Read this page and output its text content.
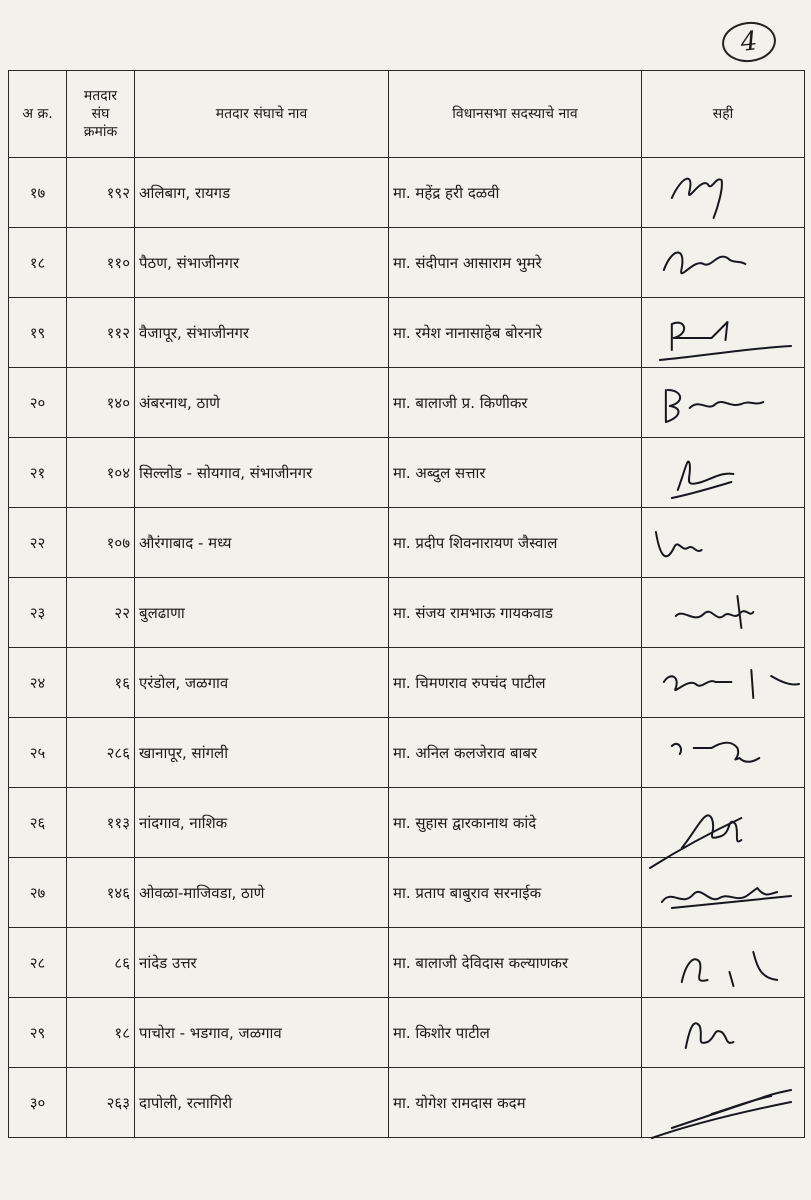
4
अ क्र.	मतदार
संघ
क्रमांक	मतदार संघाचे नाव	विधानसभा सदस्याचे नाव	सही
१७	१९२	अलिबाग, रायगड	मा. महेंद्र हरी दळवी	

१८	११०	पैठण, संभाजीनगर	मा. संदीपान आसाराम भुमरे	

१९	११२	वैजापूर, संभाजीनगर	मा. रमेश नानासाहेब बोरनारे	

२०	१४०	अंबरनाथ, ठाणे	मा. बालाजी प्र. किणीकर	

२१	१०४	सिल्लोड - सोयगाव, संभाजीनगर	मा. अब्दुल सत्तार	

२२	१०७	औरंगाबाद - मध्य	मा. प्रदीप शिवनारायण जैस्वाल	

२३	२२	बुलढाणा	मा. संजय रामभाऊ गायकवाड	

२४	१६	एरंडोल, जळगाव	मा. चिमणराव रुपचंद पाटील	

२५	२८६	खानापूर, सांगली	मा. अनिल कलजेराव बाबर	

२६	११३	नांदगाव, नाशिक	मा. सुहास द्वारकानाथ कांदे	

२७	१४६	ओवळा-माजिवडा, ठाणे	मा. प्रताप बाबुराव सरनाईक	

२८	८६	नांदेड उत्तर	मा. बालाजी देविदास कल्याणकर	

२९	१८	पाचोरा - भडगाव, जळगाव	मा. किशोर पाटील	

३०	२६३	दापोली, रत्नागिरी	मा. योगेश रामदास कदम	
